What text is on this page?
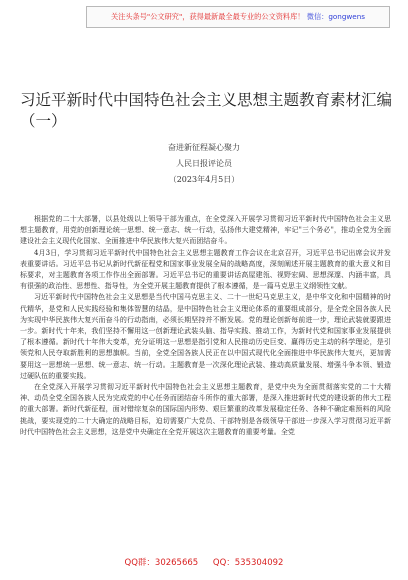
关注头条号"公文研究"，获得最新最全最专业的公文资料库！ 微信：gongwens
习近平新时代中国特色社会主义思想主题教育素材汇编（一）
奋进新征程凝心聚力
人民日报评论员
（2023年4月5日）

根据党的二十大部署，以县处级以上领导干部为重点，在全党深入开展学习贯彻习近平新时代中国特色社会主义思想主题教育，用党的创新理论统一思想、统一意志、统一行动，弘扬伟大建党精神，牢记"三个务必"，推动全党为全面建设社会主义现代化国家、全面推进中华民族伟大复兴而团结奋斗。

4月3日，学习贯彻习近平新时代中国特色社会主义思想主题教育工作会议在北京召开，习近平总书记出席会议并发表重要讲话。习近平总书记从新时代新征程党和国家事业发展全局的战略高度，深刻阐述开展主题教育的重大意义和目标要求，对主题教育各项工作作出全面部署。习近平总书记的重要讲话高屋建瓴、视野宏阔、思想深邃、内涵丰富，具有很强的政治性、思想性、指导性，为全党开展主题教育提供了根本遵循，是一篇马克思主义纲领性文献。

习近平新时代中国特色社会主义思想是当代中国马克思主义、二十一世纪马克思主义，是中华文化和中国精神的时代精华，是党和人民实践经验和集体智慧的结晶，是中国特色社会主义理论体系的重要组成部分，是全党全国各族人民为实现中华民族伟大复兴而奋斗的行动指南，必须长期坚持并不断发展。党的理论创新每前进一步，理论武装就要跟进一步。新时代十年来，我们坚持不懈用这一创新理论武装头脑、指导实践、推动工作，为新时代党和国家事业发展提供了根本遵循。新时代十年伟大变革，充分证明这一思想是指引党和人民推动历史巨变、赢得历史主动的科学理论，是引领党和人民夺取新胜利的思想旗帜。当前，全党全国各族人民正在以中国式现代化全面推进中华民族伟大复兴，更加需要用这一思想统一思想、统一意志、统一行动。主题教育是一次深化理论武装、推动高质量发展、增强斗争本领、锻造过硬队伍的重要实践。

在全党深入开展学习贯彻习近平新时代中国特色社会主义思想主题教育，是党中央为全面贯彻落实党的二十大精神、动员全党全国各族人民为完成党的中心任务而团结奋斗所作的重大部署，是深入推进新时代党的建设新的伟大工程的重大部署。新时代新征程，面对错综复杂的国际国内形势、艰巨繁重的改革发展稳定任务、各种不确定难预料的风险挑战，要实现党的二十大确定的战略目标，迫切需要广大党员、干部特别是各级领导干部进一步深入学习贯彻习近平新时代中国特色社会主义思想，这是党中央确定在全党开展这次主题教育的重要考量。全党

QQ群：30265665 QQ：535304092
